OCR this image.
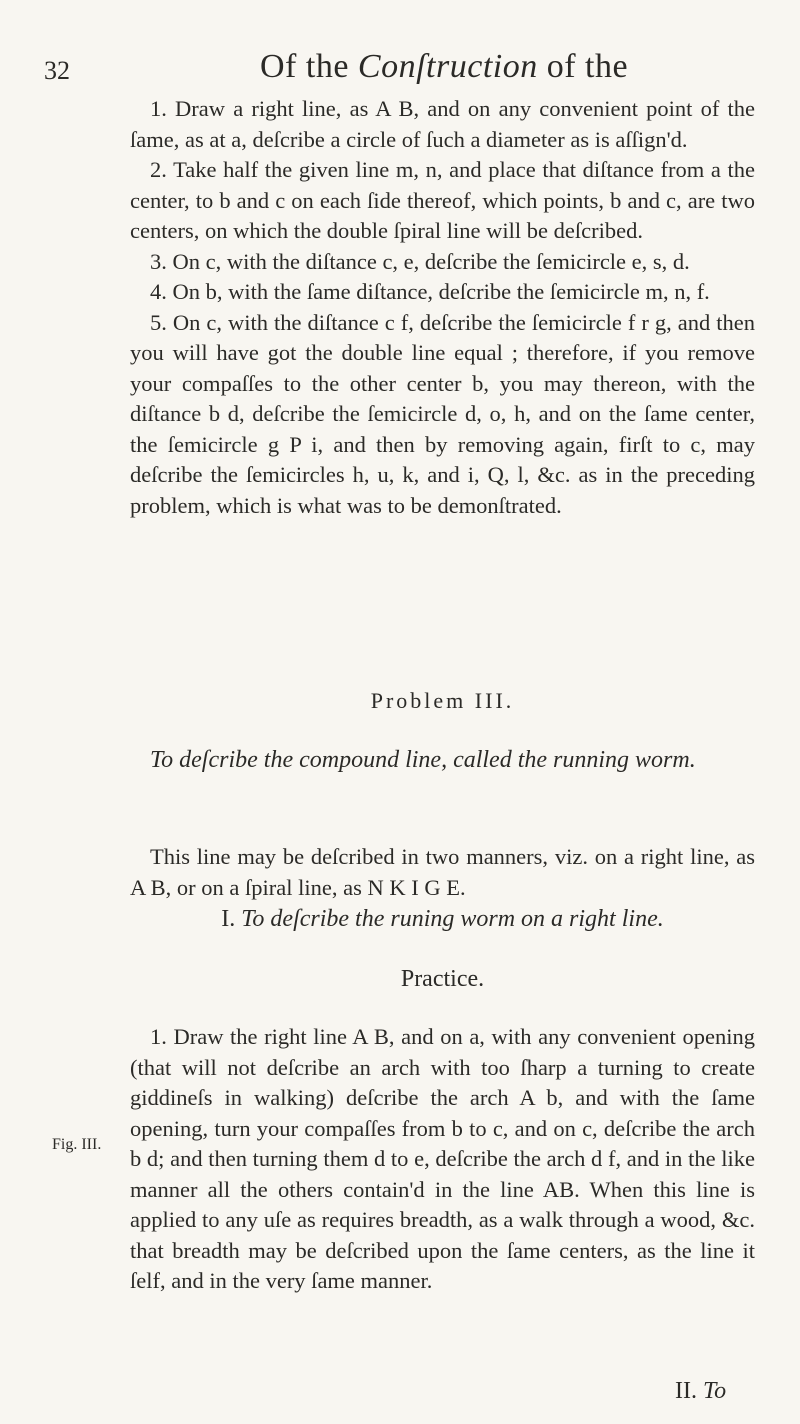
32	Of the Conſtruction of the

1. Draw a right line, as A B, and on any convenient point of the ſame, as at a, deſcribe a circle of ſuch a diameter as is aſſign'd.

2. Take half the given line m, n, and place that diſtance from a the center, to b and c on each ſide thereof, which points, b and c, are two centers, on which the double ſpiral line will be deſcribed.

3. On c, with the diſtance c, e, deſcribe the ſemicircle e, s, d.

4. On b, with the ſame diſtance, deſcribe the ſemicircle m, n, f.

5. On c, with the diſtance c f, deſcribe the ſemicircle f r g, and then you will have got the double line equal ; therefore, if you remove your compaſſes to the other center b, you may thereon, with the diſtance b d, deſcribe the ſemicircle d, o, h, and on the ſame center, the ſemicircle g P i, and then by removing again, firſt to c, may deſcribe the ſemicircles h, u, k, and i, Q, l, &c. as in the preceding problem, which is what was to be demonſtrated.

Problem III.
To deſcribe the compound line, called the running worm.

This line may be deſcribed in two manners, viz. on a right line, as A B, or on a ſpiral line, as N K I G E.

I. To deſcribe the runing worm on a right line.
Practice.

1. Draw the right line A B, and on a, with any convenient opening (that will not deſcribe an arch with too ſharp a turning to create giddineſs in walking) deſcribe the arch A b, and with the ſame opening, turn your compaſſes from b to c, and on c, deſcribe the arch b d; and then turning them d to e, deſcribe the arch d f, and in the like manner all the others contain'd in the line AB. When this line is applied to any uſe as requires breadth, as a walk through a wood, &c. that breadth may be deſcribed upon the ſame centers, as the line it ſelf, and in the very ſame manner.

Fig. III.
II. To
